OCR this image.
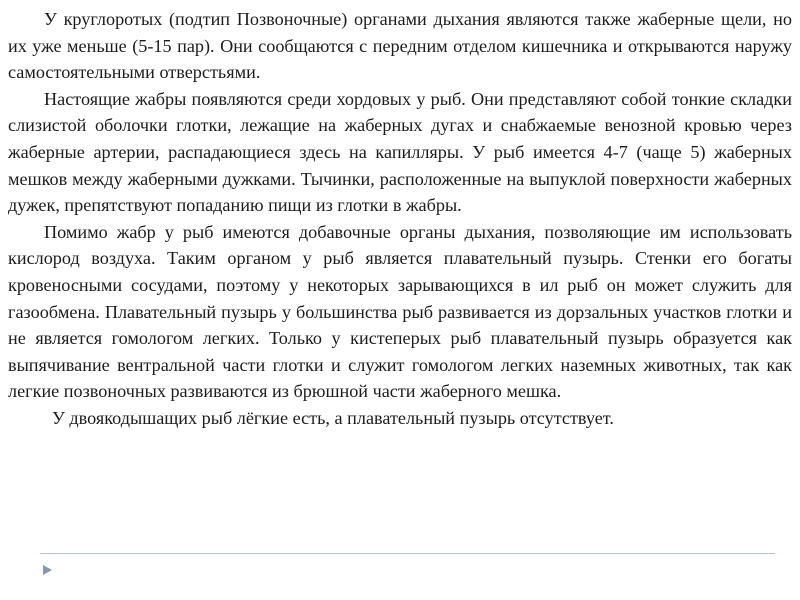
У круглоротых (подтип Позвоночные) органами дыхания являются также жаберные щели, но их уже меньше (5-15 пар). Они сообщаются с передним отделом кишечника и открываются наружу самостоятельными отверстьями.

Настоящие жабры появляются среди хордовых у рыб. Они представляют собой тонкие складки слизистой оболочки глотки, лежащие на жаберных дугах и снабжаемые венозной кровью через жаберные артерии, распадающиеся здесь на капилляры. У рыб имеется 4-7 (чаще 5) жаберных мешков между жаберными дужками. Тычинки, расположенные на выпуклой поверхности жаберных дужек, препятствуют попаданию пищи из глотки в жабры.

Помимо жабр у рыб имеются добавочные органы дыхания, позволяющие им использовать кислород воздуха. Таким органом у рыб является плавательный пузырь. Стенки его богаты кровеносными сосудами, поэтому у некоторых зарывающихся в ил рыб он может служить для газообмена. Плавательный пузырь у большинства рыб развивается из дорзальных участков глотки и не является гомологом легких. Только у кистеперых рыб плавательный пузырь образуется как выпячивание вентральной части глотки и служит гомологом легких наземных животных, так как легкие позвоночных развиваются из брюшной части жаберного мешка.

У двоякодышащих рыб лёгкие есть, а плавательный пузырь отсутствует.
